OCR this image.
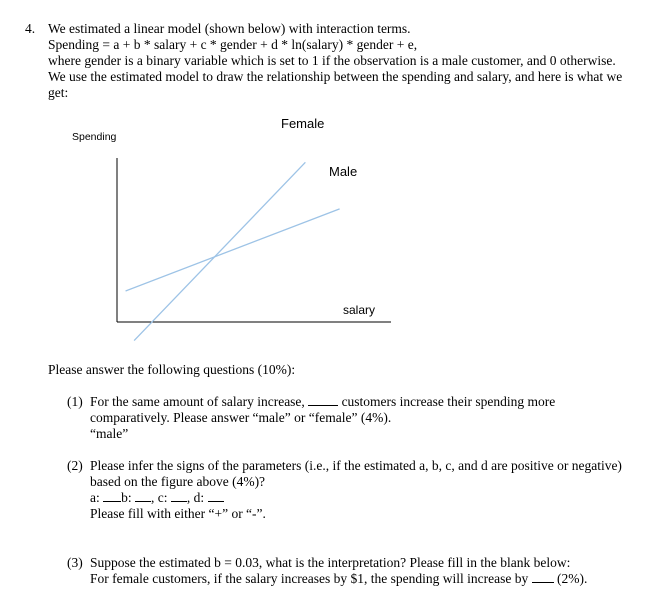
4. We estimated a linear model (shown below) with interaction terms.
Spending = a + b * salary + c * gender + d * ln(salary) * gender + e,
where gender is a binary variable which is set to 1 if the observation is a male customer, and 0 otherwise.
We use the estimated model to draw the relationship between the spending and salary, and here is what we
get:
Spending
salary
Female
Male
Please answer the following questions (10%):
(1) For the same amount of salary increase,  customers increase their spending more
comparatively. Please answer “male” or “female” (4%).
“male”
(2) Please infer the signs of the parameters (i.e., if the estimated a, b, c, and d are positive or negative)
based on the figure above (4%)?
a: b: , c: , d:
Please fill with either “+” or “-”.
(3) Suppose the estimated b = 0.03, what is the interpretation? Please fill in the blank below:
For female customers, if the salary increases by $1, the spending will increase by  (2%).
